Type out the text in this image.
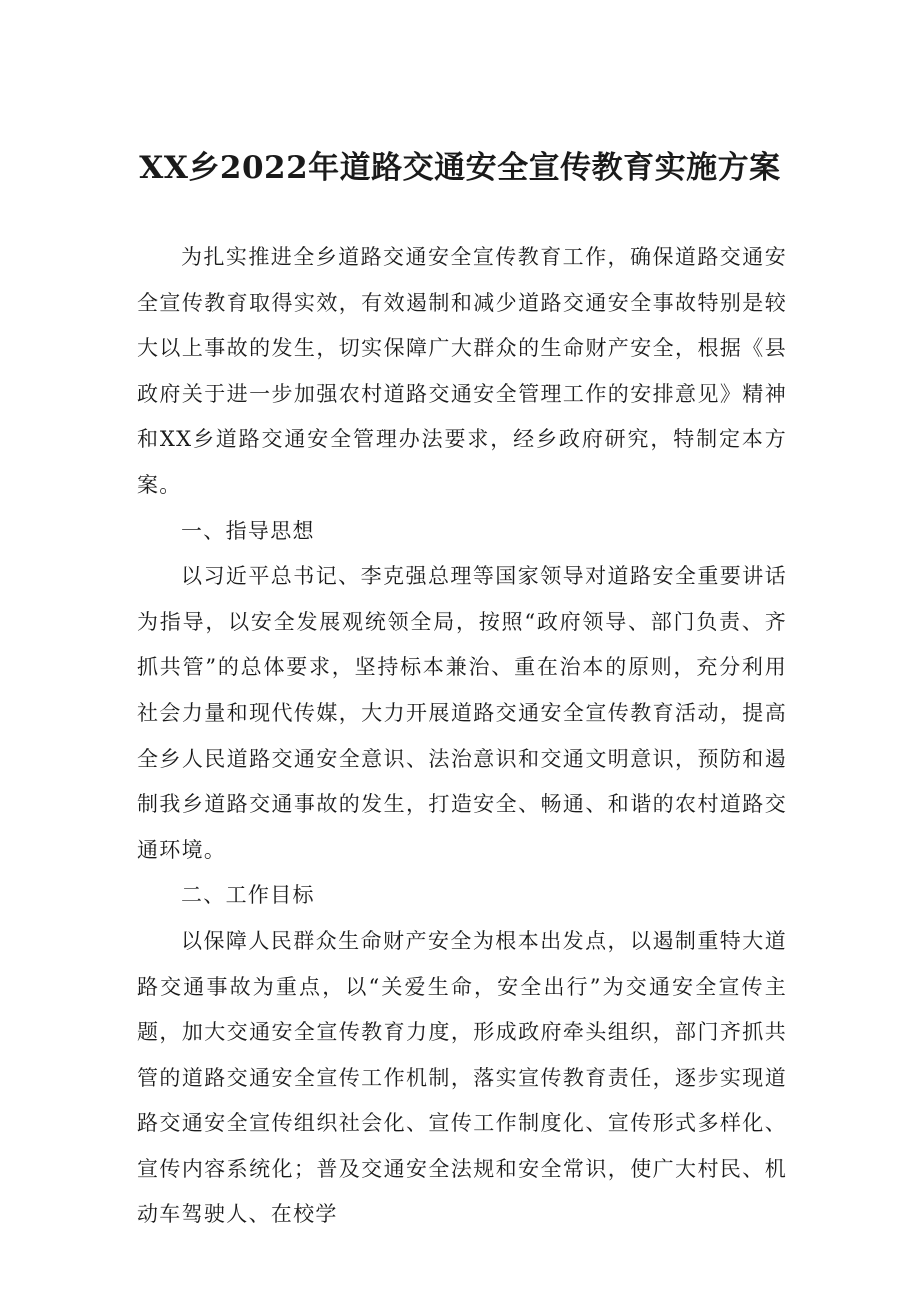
XX乡2022年道路交通安全宣传教育实施方案

为扎实推进全乡道路交通安全宣传教育工作，确保道路交通安全宣传教育取得实效，有效遏制和减少道路交通安全事故特别是较大以上事故的发生，切实保障广大群众的生命财产安全，根据《县政府关于进一步加强农村道路交通安全管理工作的安排意见》精神和XX乡道路交通安全管理办法要求，经乡政府研究，特制定本方案。

一、指导思想

以习近平总书记、李克强总理等国家领导对道路安全重要讲话为指导，以安全发展观统领全局，按照“政府领导、部门负责、齐抓共管”的总体要求，坚持标本兼治、重在治本的原则，充分利用社会力量和现代传媒，大力开展道路交通安全宣传教育活动，提高全乡人民道路交通安全意识、法治意识和交通文明意识，预防和遏制我乡道路交通事故的发生，打造安全、畅通、和谐的农村道路交通环境。

二、工作目标

以保障人民群众生命财产安全为根本出发点，以遏制重特大道路交通事故为重点，以“关爱生命，安全出行”为交通安全宣传主题，加大交通安全宣传教育力度，形成政府牵头组织，部门齐抓共管的道路交通安全宣传工作机制，落实宣传教育责任，逐步实现道路交通安全宣传组织社会化、宣传工作制度化、宣传形式多样化、宣传内容系统化；普及交通安全法规和安全常识，使广大村民、机动车驾驶人、在校学
